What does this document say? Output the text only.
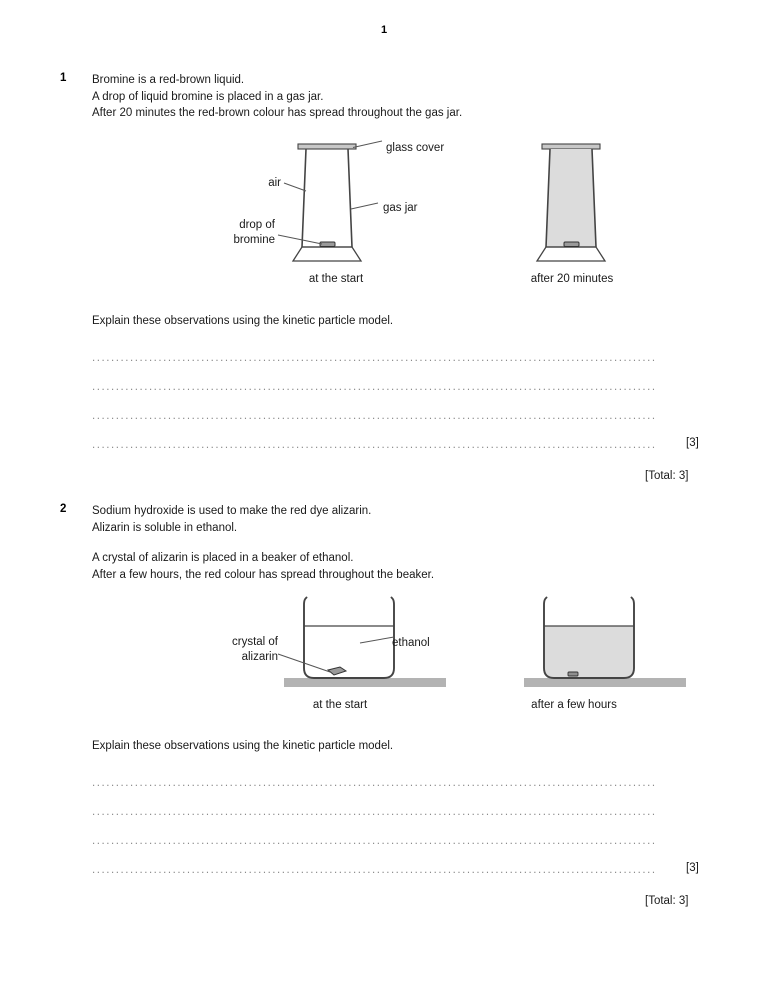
1
1 Bromine is a red-brown liquid.
A drop of liquid bromine is placed in a gas jar.
After 20 minutes the red-brown colour has spread throughout the gas jar.
glass cover
air
gas jar
drop of
bromine
at the start	after 20 minutes
Explain these observations using the kinetic particle model.
.......................................................................................................................
.......................................................................................................................
.......................................................................................................................
.......................................................................................................................	[3]
[Total: 3]
2 Sodium hydroxide is used to make the red dye alizarin.
Alizarin is soluble in ethanol.
A crystal of alizarin is placed in a beaker of ethanol.
After a few hours, the red colour has spread throughout the beaker.
crystal of
alizarin
ethanol
at the start	after a few hours
Explain these observations using the kinetic particle model.
.......................................................................................................................
.......................................................................................................................
.......................................................................................................................
.......................................................................................................................	[3]
[Total: 3]
